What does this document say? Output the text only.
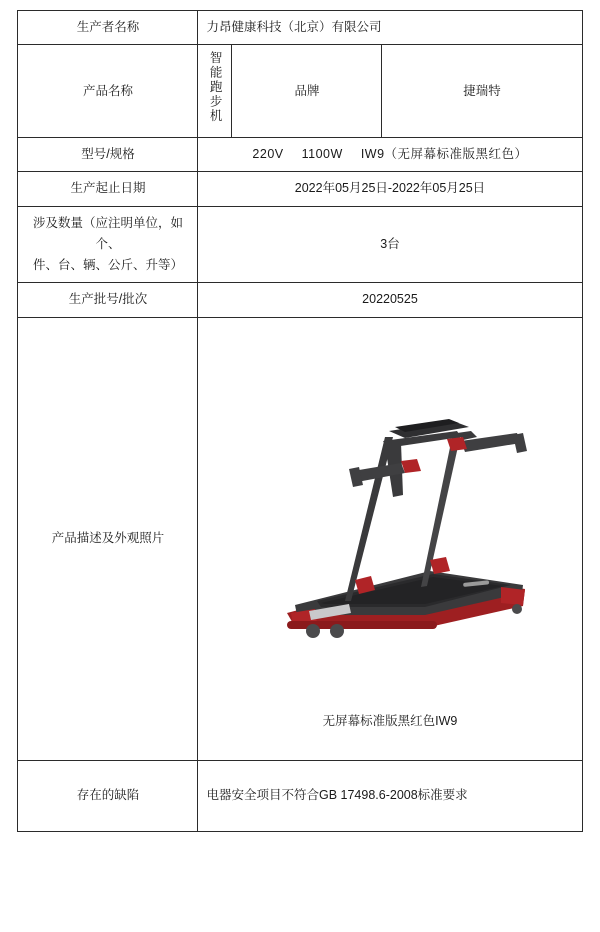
生产者名称	力昂健康科技（北京）有限公司		
产品名称	智能跑步机	品牌	捷瑞特
型号/规格	220V 1100W IW9（无屏幕标准版黑红色）		
生产起止日期	2022年05月25日-2022年05月25日		

涉及数量（应注明单位，如个、
件、台、辆、公斤、升等）	3台		
生产批号/批次	20220525		
产品描述及外观照片	无屏幕标准版黑红色IW9		

存在的缺陷	电器安全项目不符合GB 17498.6-2008标准要求		
